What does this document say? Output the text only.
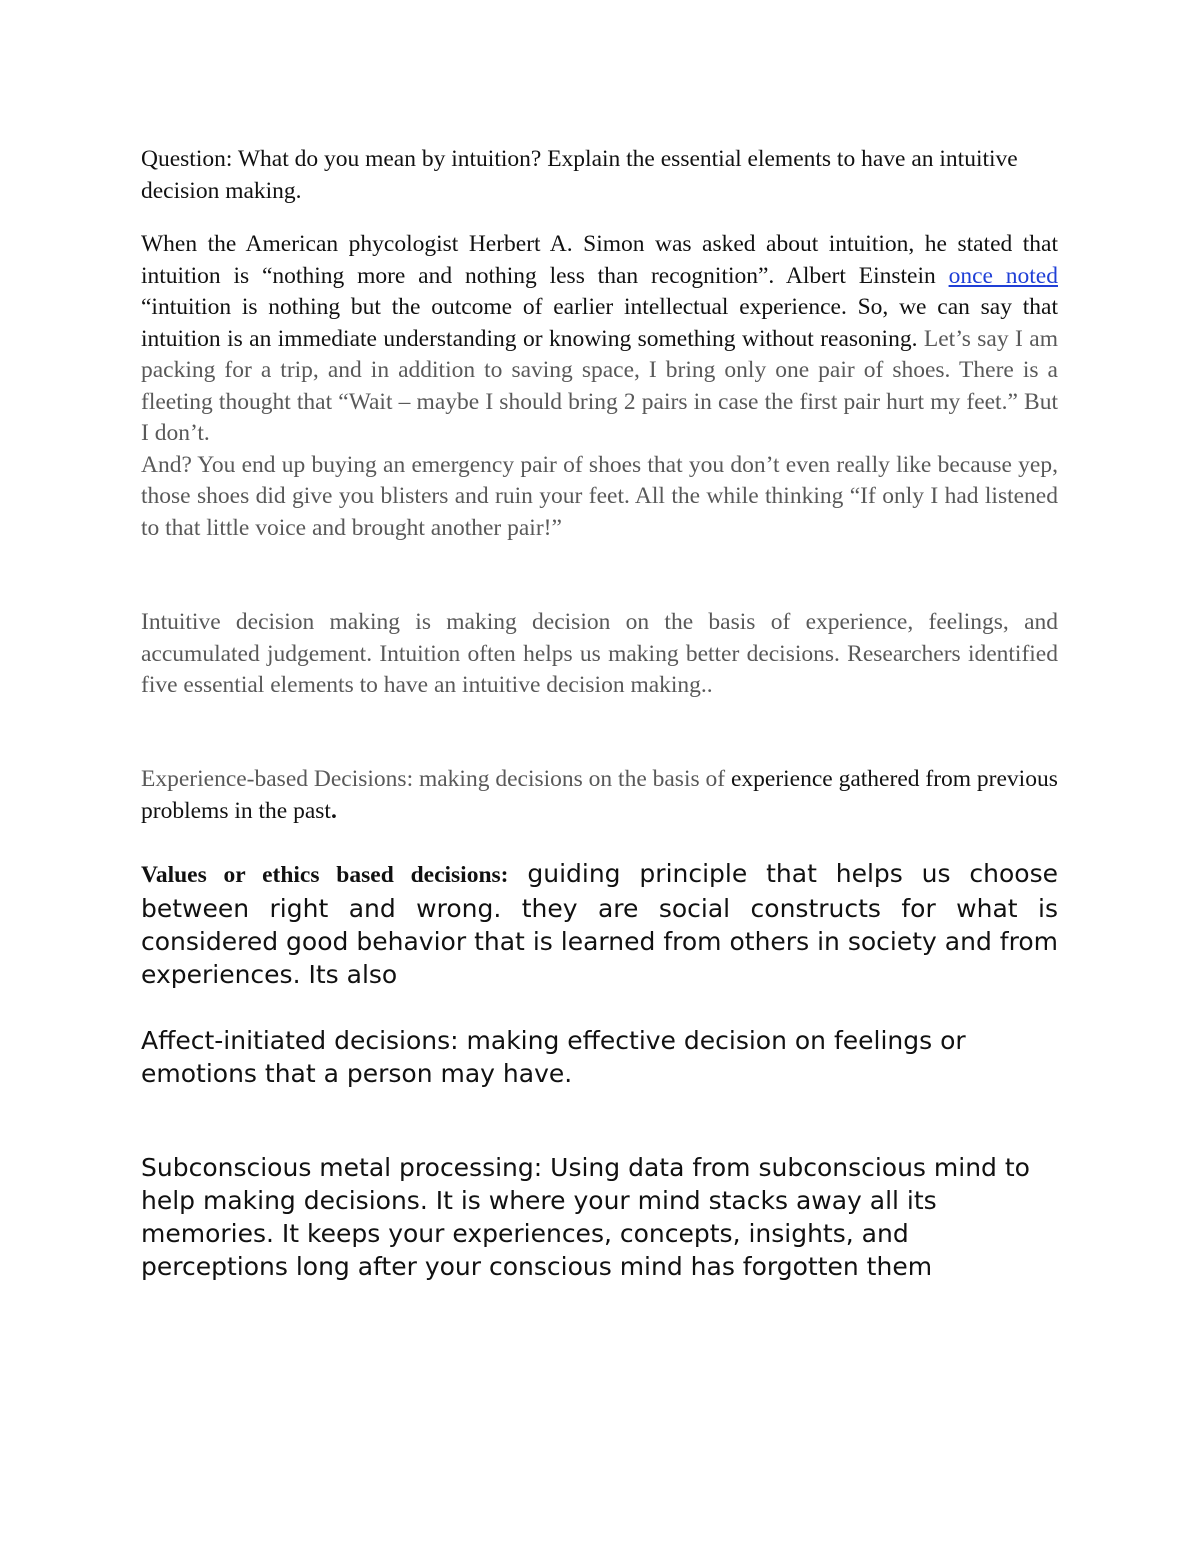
Question: What do you mean by intuition? Explain the essential elements to have an intuitive decision making.

When the American phycologist Herbert A. Simon was asked about intuition, he stated that intuition is “nothing more and nothing less than recognition”. Albert Einstein once noted “intuition is nothing but the outcome of earlier intellectual experience. So, we can say that intuition is an immediate understanding or knowing something without reasoning. Let’s say I am packing for a trip, and in addition to saving space, I bring only one pair of shoes. There is a fleeting thought that “Wait – maybe I should bring 2 pairs in case the first pair hurt my feet.” But I don’t.
And? You end up buying an emergency pair of shoes that you don’t even really like because yep, those shoes did give you blisters and ruin your feet. All the while thinking “If only I had listened to that little voice and brought another pair!”

Intuitive decision making is making decision on the basis of experience, feelings, and accumulated judgement. Intuition often helps us making better decisions. Researchers identified five essential elements to have an intuitive decision making..

Experience-based Decisions: making decisions on the basis of experience gathered from previous problems in the past.

Values or ethics based decisions: guiding principle that helps us choose between right and wrong. they are social constructs for what is considered good behavior that is learned from others in society and from experiences. Its also

Affect-initiated decisions: making effective decision on feelings or emotions that a person may have.

Subconscious metal processing: Using data from subconscious mind to help making decisions. It is where your mind stacks away all its memories. It keeps your experiences, concepts, insights, and perceptions long after your conscious mind has forgotten them
